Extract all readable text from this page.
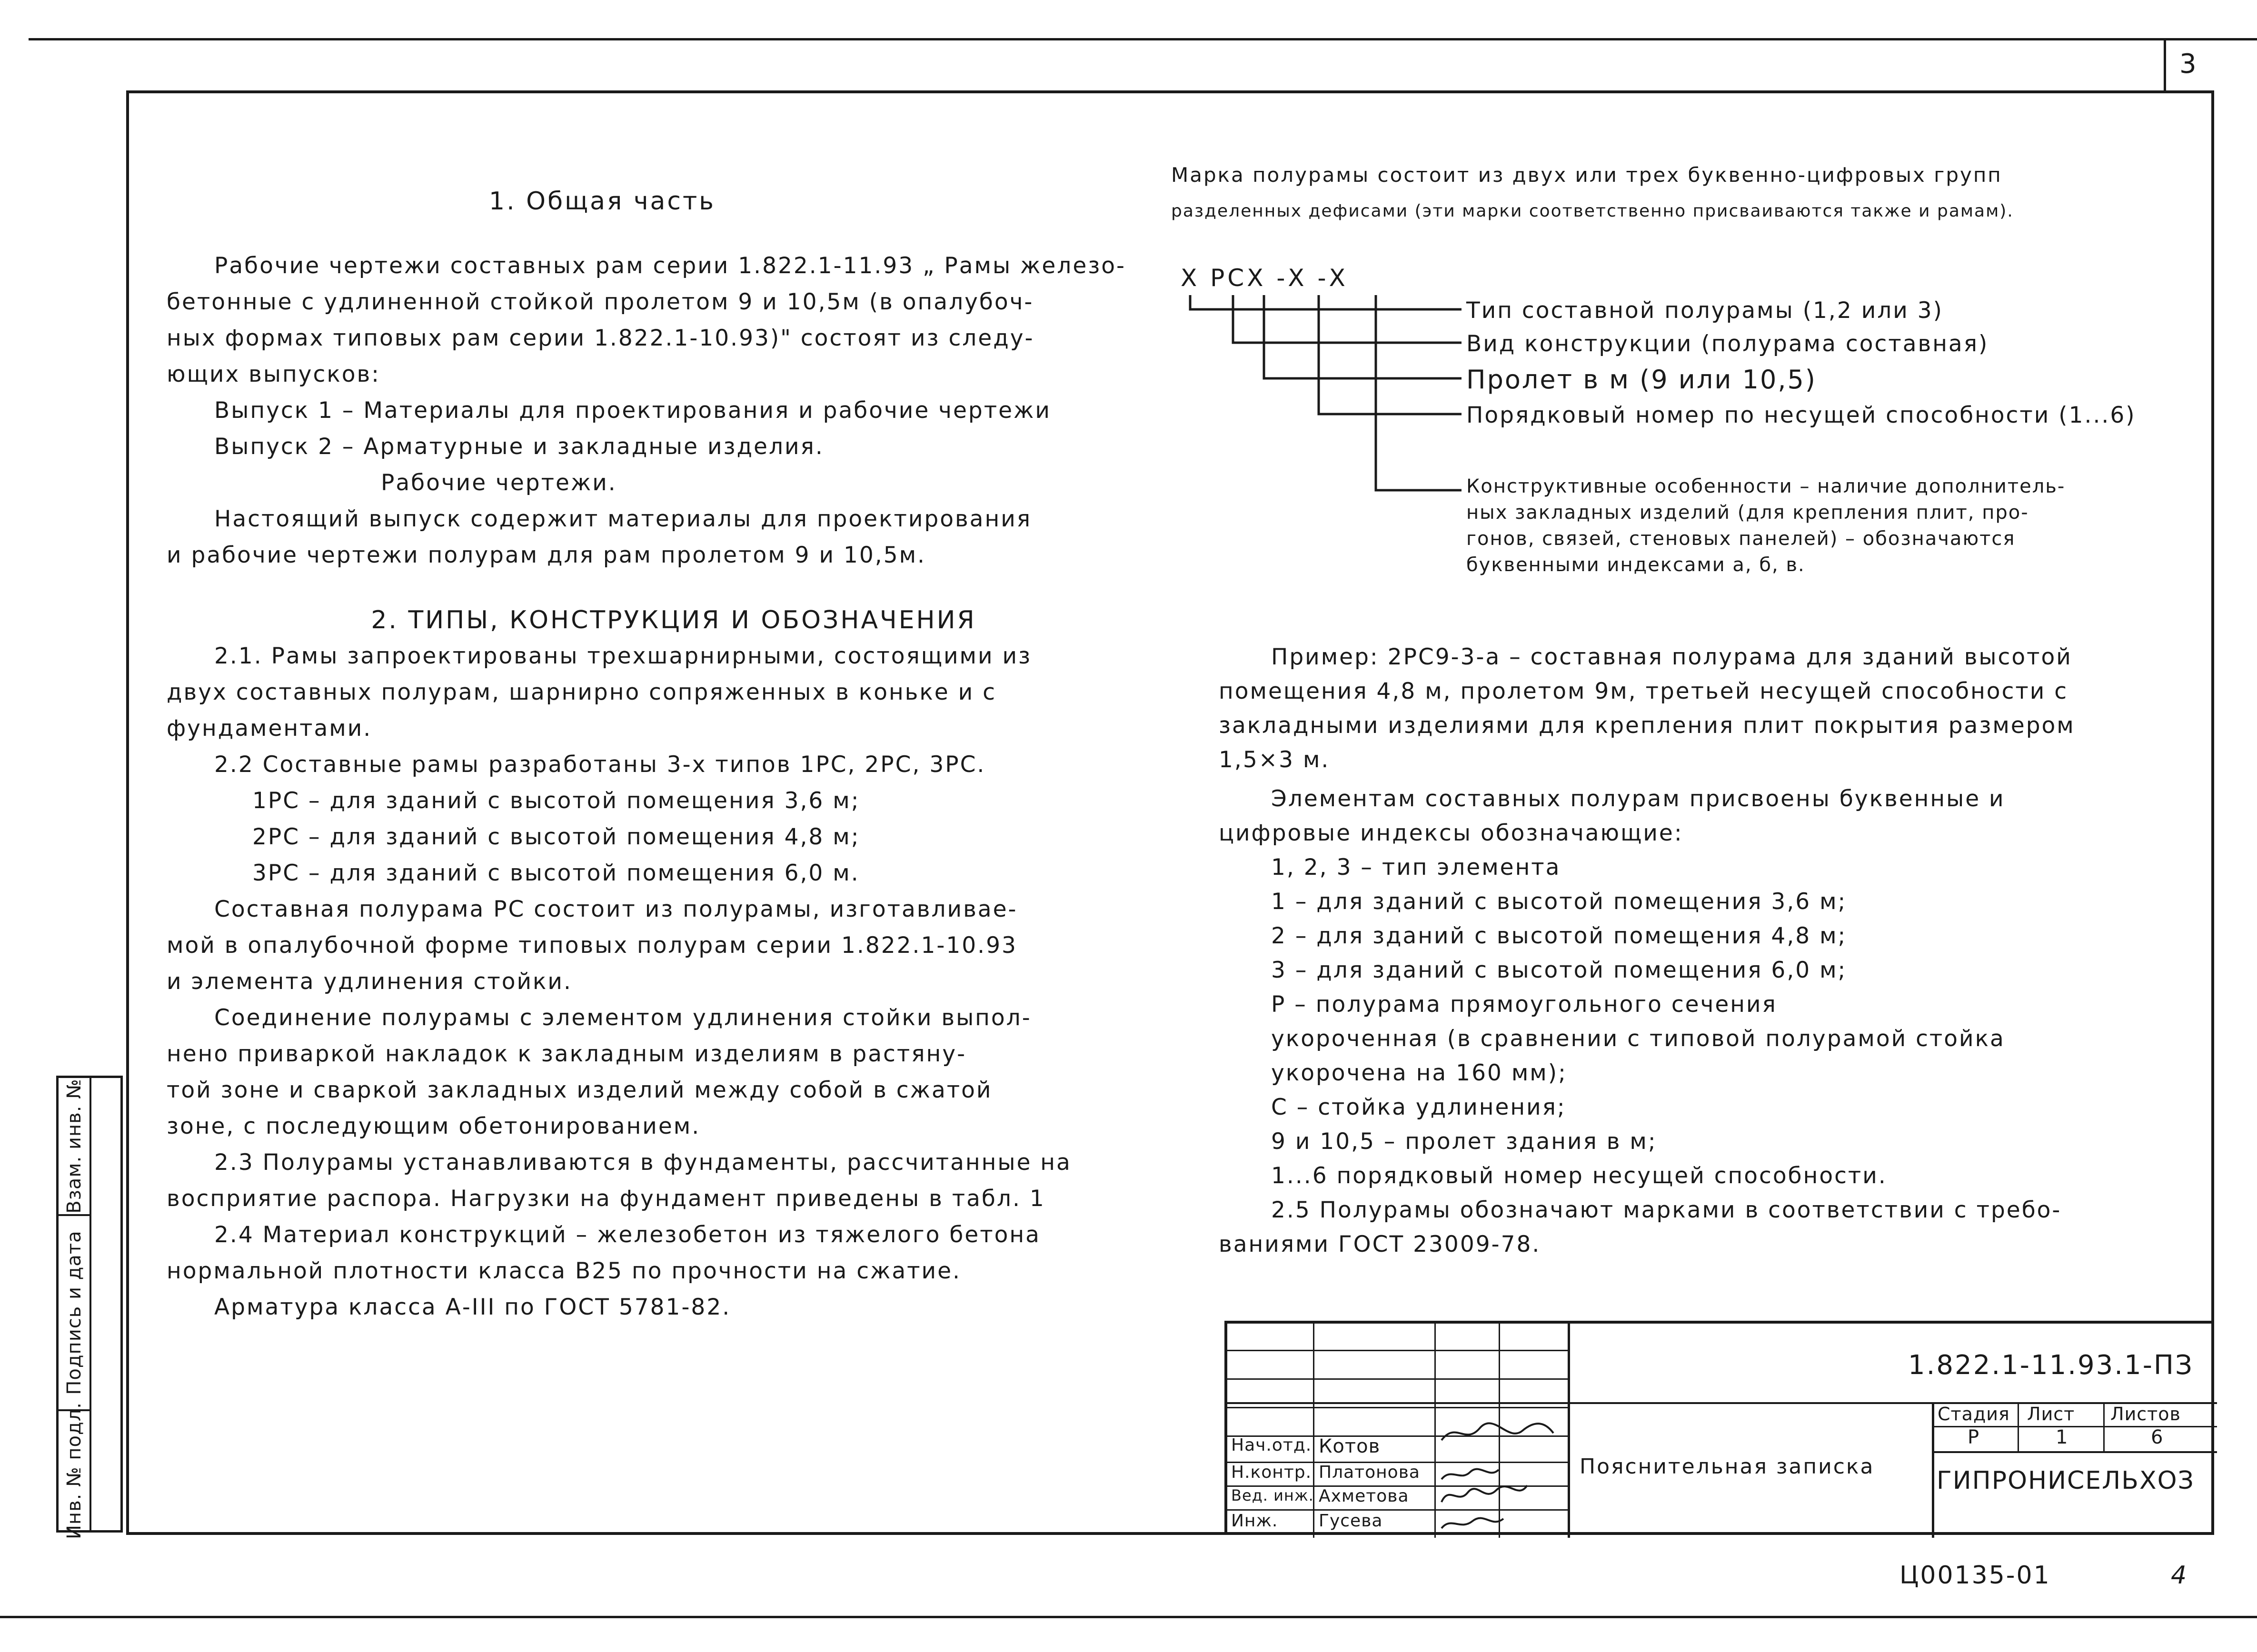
3

1. Общая часть

Рабочие чертежи составных рам серии 1.822.1-11.93 „ Рамы железо-

бетонные с удлиненной стойкой пролетом 9 и 10,5м (в опалубоч-

ных формах типовых рам серии 1.822.1-10.93)" состоят из следу-

ющих выпусков:

Выпуск 1 – Материалы для проектирования и рабочие чертежи

Выпуск 2 – Арматурные и закладные изделия.

Рабочие чертежи.

Настоящий выпуск содержит материалы для проектирования

и рабочие чертежи полурам для рам пролетом 9 и 10,5м.

2. ТИПЫ, КОНСТРУКЦИЯ И ОБОЗНАЧЕНИЯ

2.1. Рамы запроектированы трехшарнирными, состоящими из

двух составных полурам, шарнирно сопряженных в коньке и с

фундаментами.

2.2 Составные рамы разработаны 3-х типов 1РС, 2РС, 3РС.

1РС – для зданий с высотой помещения 3,6 м;

2РС – для зданий с высотой помещения 4,8 м;

3РС – для зданий с высотой помещения 6,0 м.

Составная полурама РС состоит из полурамы, изготавливае-

мой в опалубочной форме типовых полурам серии 1.822.1-10.93

и элемента удлинения стойки.

Соединение полурамы с элементом удлинения стойки выпол-

нено приваркой накладок к закладным изделиям в растяну-

той зоне и сваркой закладных изделий между собой в сжатой

зоне, с последующим обетонированием.

2.3 Полурамы устанавливаются в фундаменты, рассчитанные на

восприятие распора. Нагрузки на фундамент приведены в табл. 1

2.4 Материал конструкций – железобетон из тяжелого бетона

нормальной плотности класса В25 по прочности на сжатие.

Арматура класса А-III по ГОСТ 5781-82.

Марка полурамы состоит из двух или трех буквенно-цифровых групп

разделенных дефисами (эти марки соответственно присваиваются также и рамам).

Х РСХ -Х -Х
Тип составной полурамы (1,2 или 3)
Вид конструкции (полурама составная)
Пролет в м (9 или 10,5)
Порядковый номер по несущей способности (1...6)
Конструктивные особенности – наличие дополнитель-
ных закладных изделий (для крепления плит, про-
гонов, связей, стеновых панелей) – обозначаются
буквенными индексами а, б, в.

Пример: 2РС9-3-а – составная полурама для зданий высотой

помещения 4,8 м, пролетом 9м, третьей несущей способности с

закладными изделиями для крепления плит покрытия размером

1,5×3 м.

Элементам составных полурам присвоены буквенные и

цифровые индексы обозначающие:

1, 2, 3 – тип элемента

1 – для зданий с высотой помещения 3,6 м;

2 – для зданий с высотой помещения 4,8 м;

3 – для зданий с высотой помещения 6,0 м;

Р – полурама прямоугольного сечения

укороченная (в сравнении с типовой полурамой стойка

укорочена на 160 мм);

С – стойка удлинения;

9 и 10,5 – пролет здания в м;

1...6 порядковый номер несущей способности.

2.5 Полурамы обозначают марками в соответствии с требо-

ваниями ГОСТ 23009-78.

Взам. инв. №
Подпись и дата
Инв. № подл.	Нач.отд. Котов
Н.контр. Платонова
Вед. инж. Ахметова
Инж. Гусева
1.822.1-11.93.1-ПЗ
Пояснительная записка
Стадия Лист Листов
Р	1	6
ГИПРОНИСЕЛЬХОЗ
Ц00135-01	4
